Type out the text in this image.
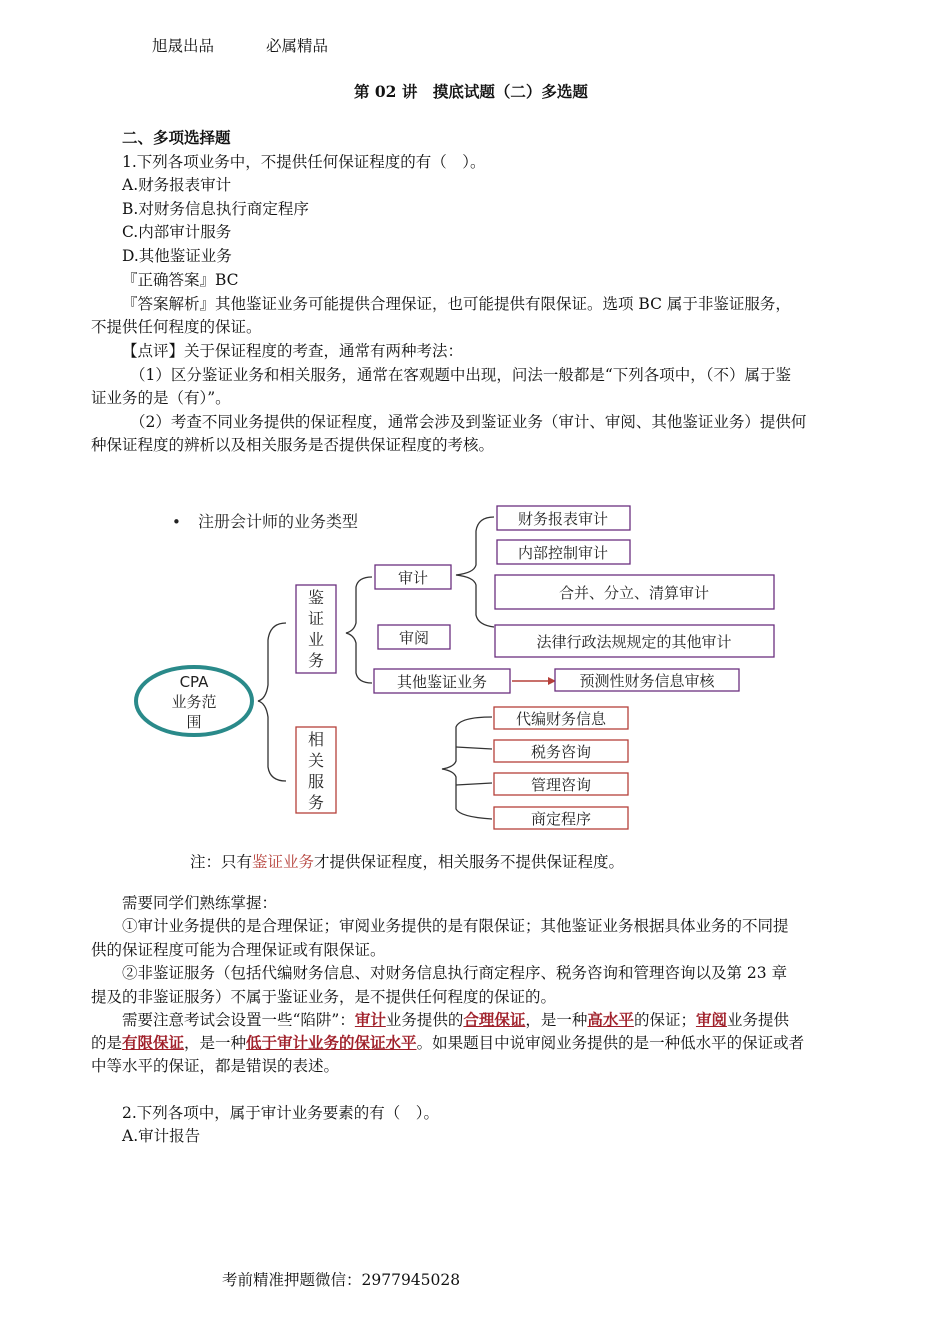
旭晟出品	必属精品
第 02 讲　摸底试题（二）多选题
二、多项选择题
1.下列各项业务中，不提供任何保证程度的有（　）。
A.财务报表审计
B.对财务信息执行商定程序
C.内部审计服务
D.其他鉴证业务
『正确答案』BC
『答案解析』其他鉴证业务可能提供合理保证，也可能提供有限保证。选项 BC 属于非鉴证服务，
不提供任何程度的保证。
【点评】关于保证程度的考查，通常有两种考法：
（1）区分鉴证业务和相关服务，通常在客观题中出现，问法一般都是“下列各项中，（不）属于鉴
证业务的是（有）”。
（2）考查不同业务提供的保证程度，通常会涉及到鉴证业务（审计、审阅、其他鉴证业务）提供何
种保证程度的辨析以及相关服务是否提供保证程度的考核。
CPA
业务范
围
• 注册会计师的业务类型
鉴
证
业
务
相
关
服
务
审计
审阅
其他鉴证业务
财务报表审计
内部控制审计
合并、分立、清算审计
法律行政法规规定的其他审计
预测性财务信息审核
代编财务信息
税务咨询
管理咨询
商定程序
注：只有鉴证业务才提供保证程度，相关服务不提供保证程度。
需要同学们熟练掌握：
①审计业务提供的是合理保证；审阅业务提供的是有限保证；其他鉴证业务根据具体业务的不同提
供的保证程度可能为合理保证或有限保证。
②非鉴证服务（包括代编财务信息、对财务信息执行商定程序、税务咨询和管理咨询以及第 23 章
提及的非鉴证服务）不属于鉴证业务，是不提供任何程度的保证的。
需要注意考试会设置一些“陷阱”：审计业务提供的合理保证，是一种高水平的保证；审阅业务提供
的是有限保证，是一种低于审计业务的保证水平。如果题目中说审阅业务提供的是一种低水平的保证或者
中等水平的保证，都是错误的表述。
2.下列各项中，属于审计业务要素的有（　）。
A.审计报告
考前精准押题微信：2977945028
